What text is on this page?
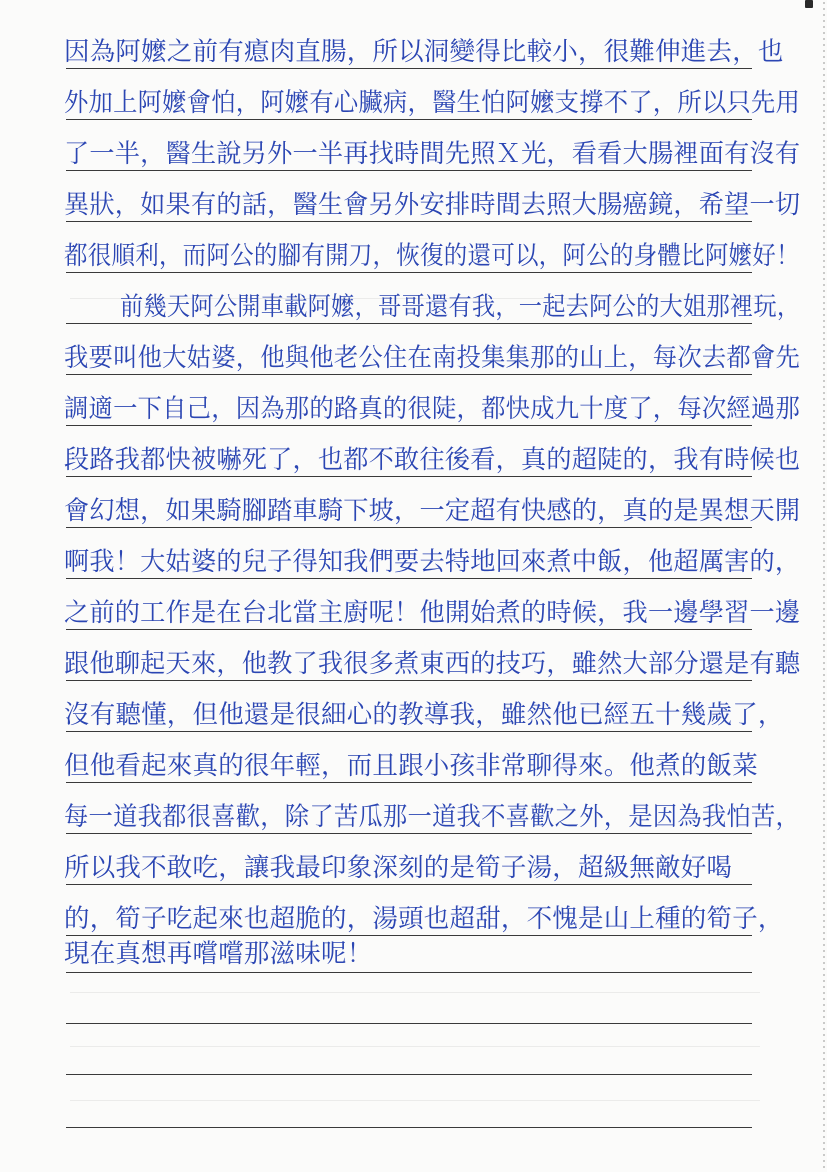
因為阿嬤之前有瘜肉直腸，所以洞變得比較小，很難伸進去，也
外加上阿嬤會怕，阿嬤有心臟病，醫生怕阿嬤支撐不了，所以只先用
了一半，醫生說另外一半再找時間先照Ｘ光，看看大腸裡面有沒有
異狀，如果有的話，醫生會另外安排時間去照大腸癌鏡，希望一切
都很順利，而阿公的腳有開刀，恢復的還可以，阿公的身體比阿嬤好！
前幾天阿公開車載阿嬤，哥哥還有我，一起去阿公的大姐那裡玩，
我要叫他大姑婆，他與他老公住在南投集集那的山上，每次去都會先
調適一下自己，因為那的路真的很陡，都快成九十度了，每次經過那
段路我都快被嚇死了，也都不敢往後看，真的超陡的，我有時候也
會幻想，如果騎腳踏車騎下坡，一定超有快感的，真的是異想天開
啊我！大姑婆的兒子得知我們要去特地回來煮中飯，他超厲害的，
之前的工作是在台北當主廚呢！他開始煮的時候，我一邊學習一邊
跟他聊起天來，他教了我很多煮東西的技巧，雖然大部分還是有聽
沒有聽懂，但他還是很細心的教導我，雖然他已經五十幾歲了，
但他看起來真的很年輕，而且跟小孩非常聊得來。他煮的飯菜
每一道我都很喜歡，除了苦瓜那一道我不喜歡之外，是因為我怕苦，
所以我不敢吃，讓我最印象深刻的是筍子湯，超級無敵好喝
的，筍子吃起來也超脆的，湯頭也超甜，不愧是山上種的筍子，
現在真想再嚐嚐那滋味呢！
